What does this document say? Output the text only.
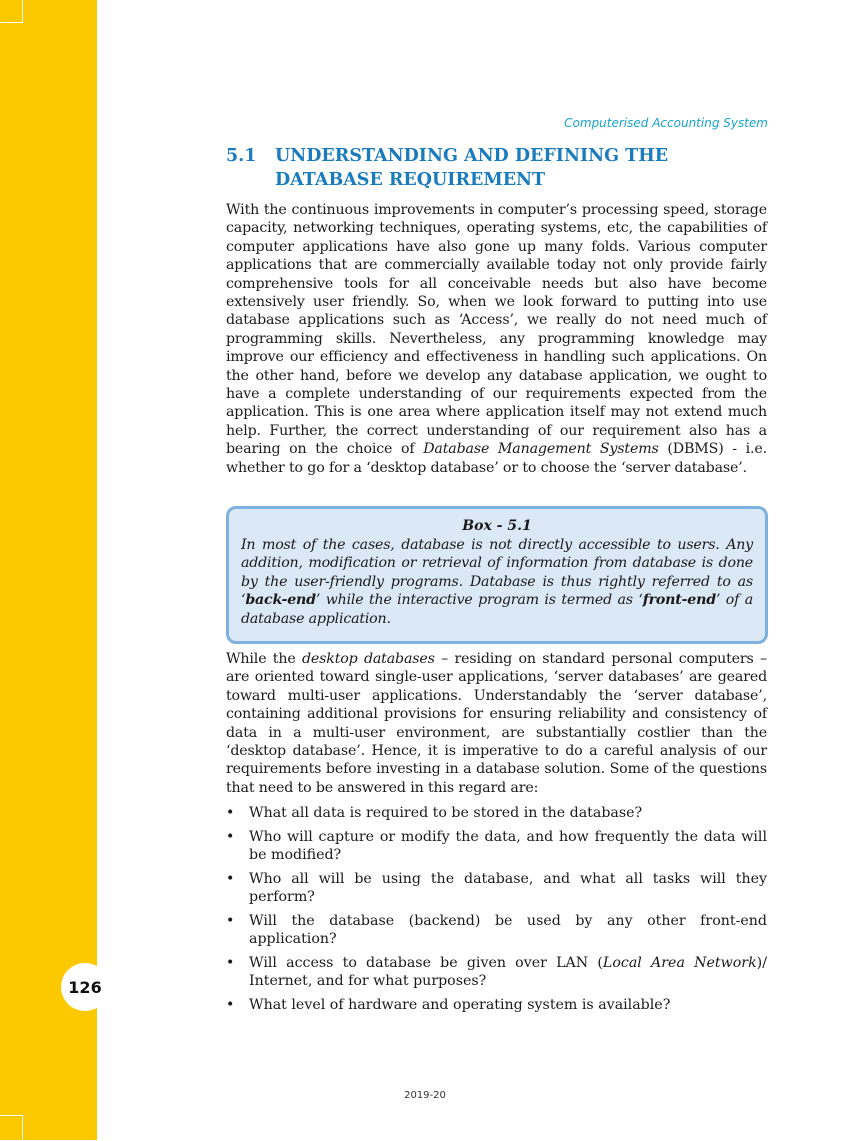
126
Computerised Accounting System
5.1 UNDERSTANDING AND DEFINING THE
DATABASE REQUIREMENT
With the continuous improvements in computer’s processing speed, storage capacity, networking techniques, operating systems, etc, the capabilities of computer applications have also gone up many folds. Various computer applications that are commercially available today not only provide fairly comprehensive tools for all conceivable needs but also have become extensively user friendly. So, when we look forward to putting into use database applications such as ‘Access’, we really do not need much of programming skills. Nevertheless, any programming knowledge may improve our efficiency and effectiveness in handling such applications. On the other hand, before we develop any database application, we ought to have a complete understanding of our requirements expected from the application. This is one area where application itself may not extend much help. Further, the correct understanding of our requirement also has a bearing on the choice of Database Management Systems (DBMS) - i.e. whether to go for a ‘desktop database’ or to choose the ‘server database’.
Box - 5.1
In most of the cases, database is not directly accessible to users. Any addition, modification or retrieval of information from database is done by the user-friendly programs. Database is thus rightly referred to as ‘back-end’ while the interactive program is termed as ‘front-end’ of a database application.
While the desktop databases – residing on standard personal computers – are oriented toward single-user applications, ‘server databases’ are geared toward multi-user applications. Understandably the ‘server database’, containing additional provisions for ensuring reliability and consistency of data in a multi-user environment, are substantially costlier than the ‘desktop database’. Hence, it is imperative to do a careful analysis of our requirements before investing in a database solution. Some of the questions that need to be answered in this regard are:
• What all data is required to be stored in the database?
• Who will capture or modify the data, and how frequently the data will be modified?
• Who all will be using the database, and what all tasks will they perform?
• Will the database (backend) be used by any other front-end application?
• Will access to database be given over LAN (Local Area Network)/ Internet, and for what purposes?
• What level of hardware and operating system is available?
2019-20
